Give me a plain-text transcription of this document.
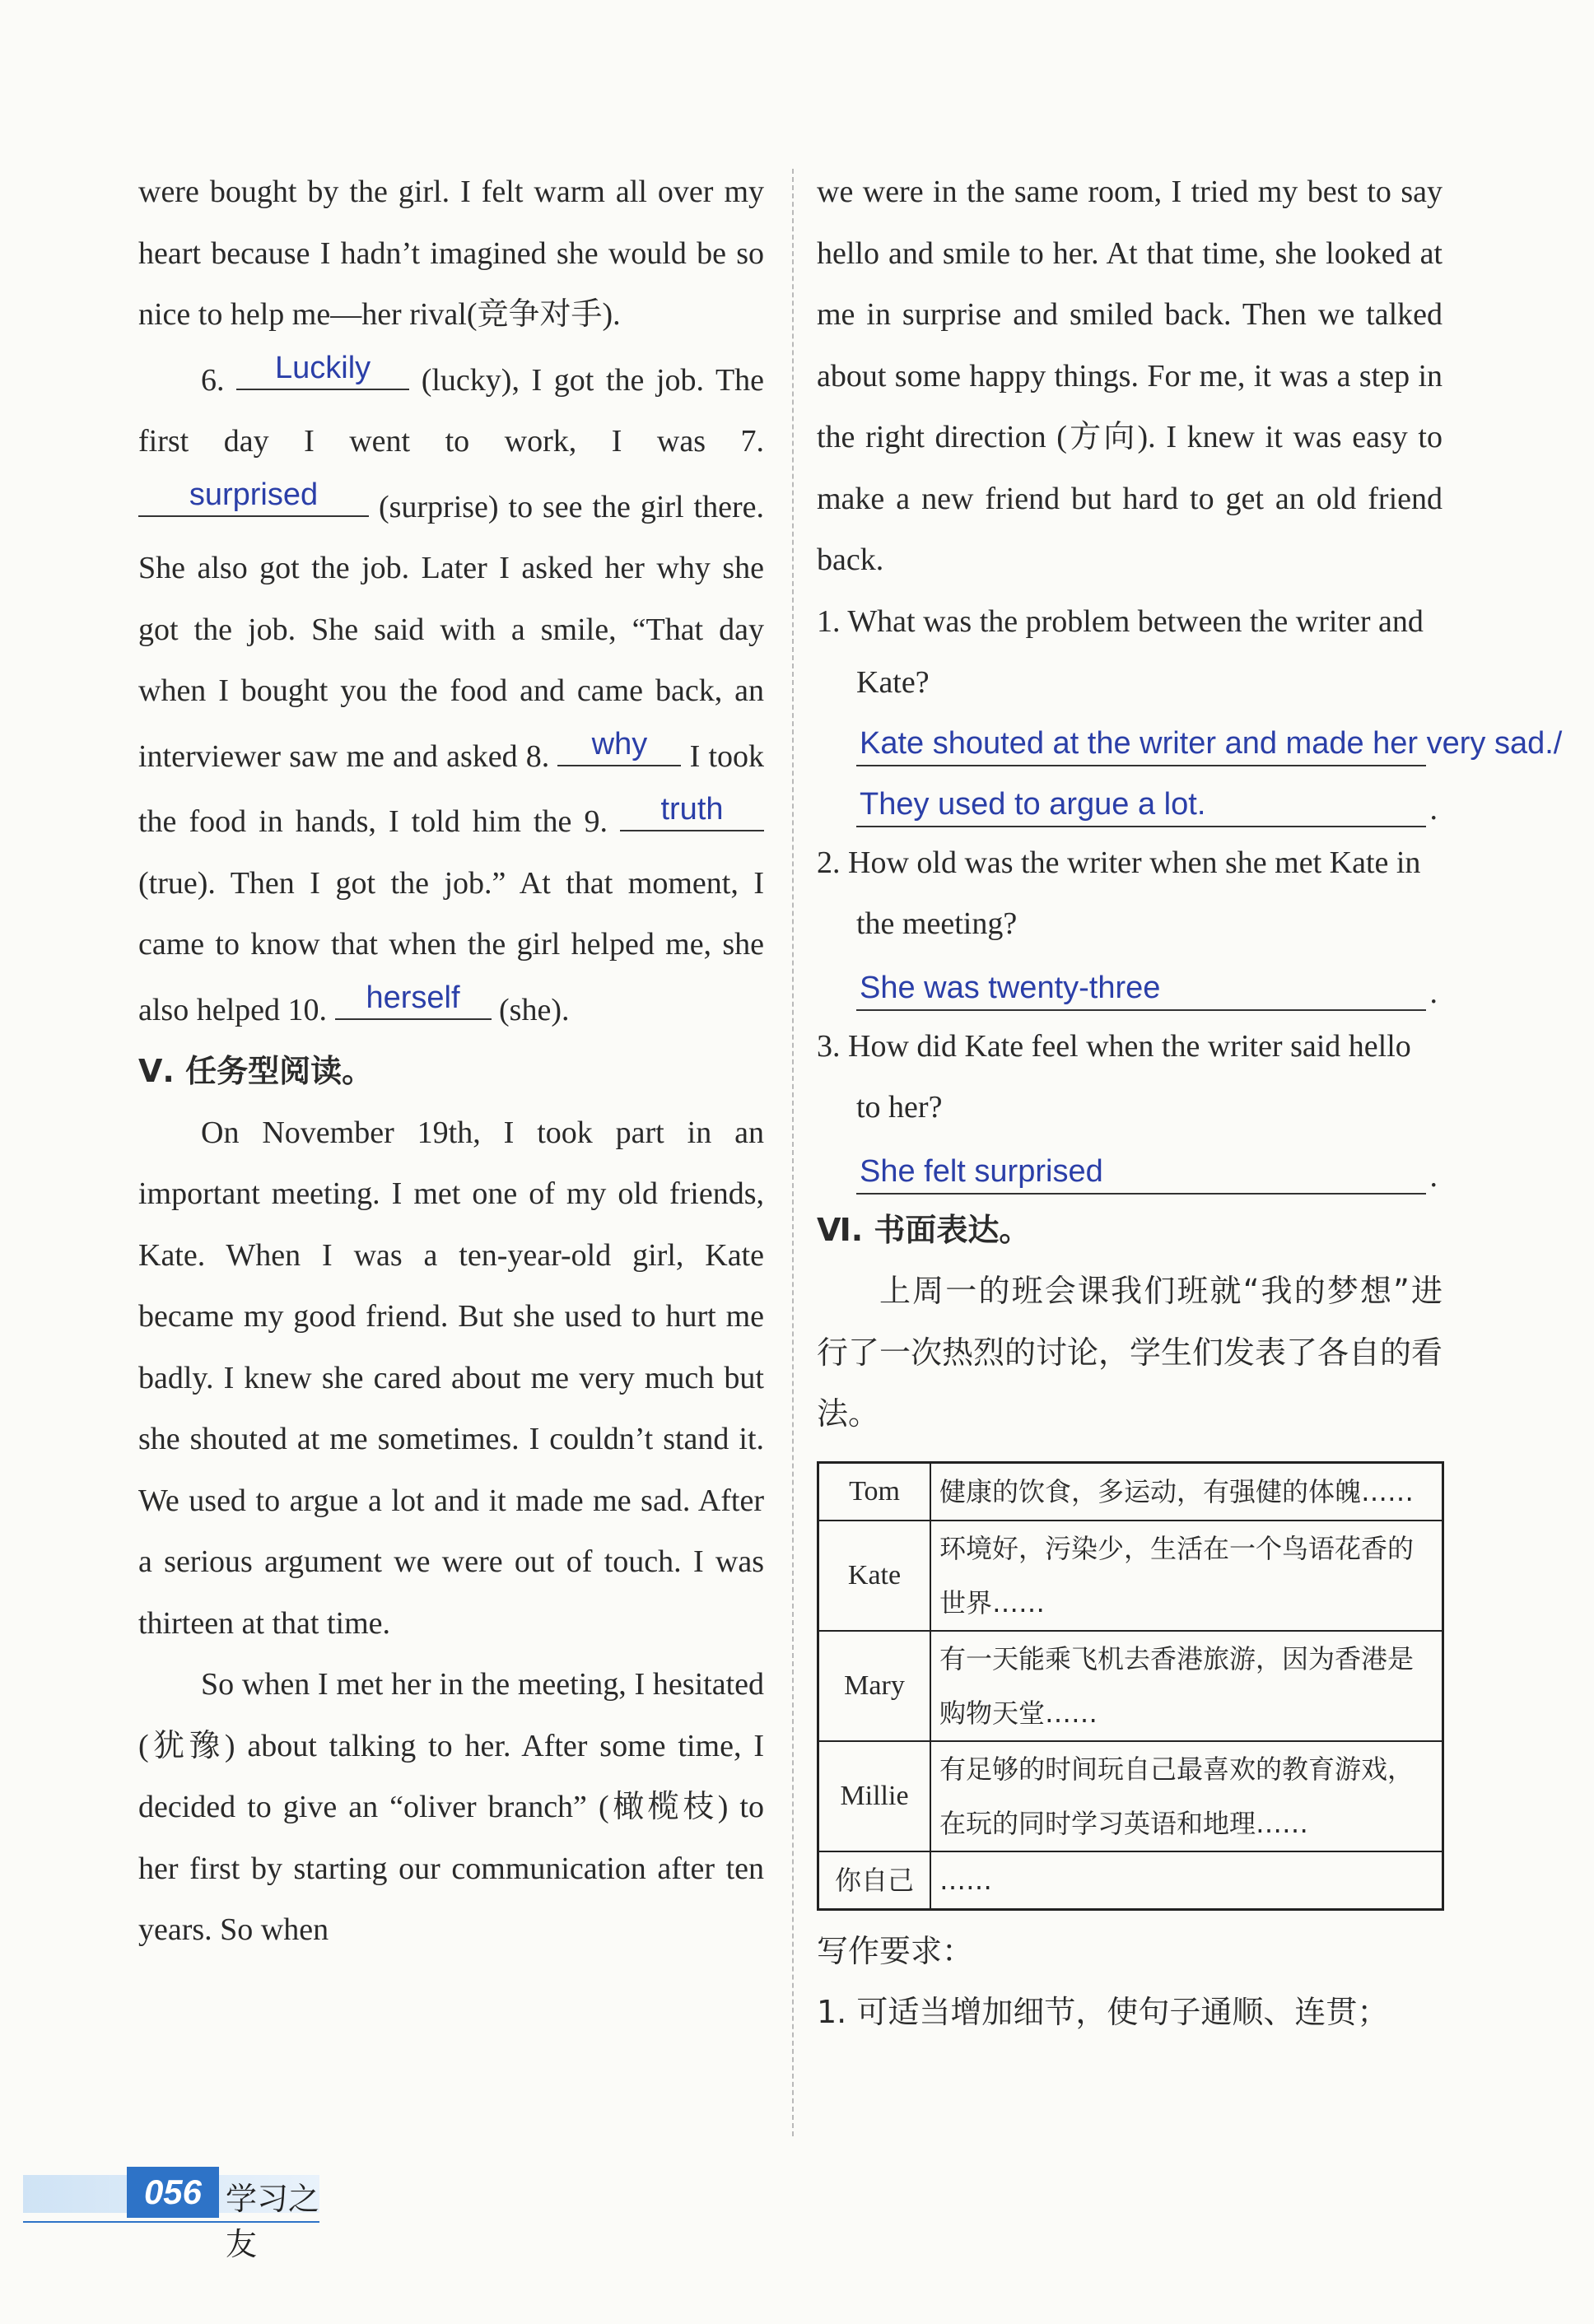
were bought by the girl. I felt warm all over my heart because I hadn’t imagined she would be so nice to help me—her rival(竞争对手).

6.	Luckily	(lucky), I got the job. The first day I went to work, I was 7.
surprised	(surprise) to see the girl there. She also got the job. Later I asked her why she got the job. She said with a smile, “That day when I bought you the food and came back, an interviewer saw me and asked 8.	why	I took the food in hands, I told him the 9.	truth
(true). Then I got the job.” At that moment, I came to know that when the girl helped me, she also helped 10.	herself	(she).

Ⅴ. 任务型阅读。

On November 19th, I took part in an important meeting. I met one of my old friends, Kate. When I was a ten-year-old girl, Kate became my good friend. But she used to hurt me badly. I knew she cared about me very much but she shouted at me sometimes. I couldn’t stand it. We used to argue a lot and it made me sad. After a serious argument we were out of touch. I was thirteen at that time.

So when I met her in the meeting, I hesitated (犹豫) about talking to her. After some time, I decided to give an “oliver branch” (橄榄枝) to her first by starting our communication after ten years. So when

we were in the same room, I tried my best to say hello and smile to her. At that time, she looked at me in surprise and smiled back. Then we talked about some happy things. For me, it was a step in the right direction (方向). I knew it was easy to make a new friend but hard to get an old friend back.

1. What was the problem between the writer and Kate?

Kate shouted at the writer and made her very sad./
They used to argue a lot.	.

2. How old was the writer when she met Kate in the meeting?

She was twenty-three	.

3. How did Kate feel when the writer said hello to her?

She felt surprised	.

Ⅵ. 书面表达。

上周一的班会课我们班就“我的梦想”进行了一次热烈的讨论，学生们发表了各自的看法。

Tom	健康的饮食，多运动，有强健的体魄……
Kate	环境好，污染少，生活在一个鸟语花香的世界……
Mary	有一天能乘飞机去香港旅游，因为香港是购物天堂……
Millie	有足够的时间玩自己最喜欢的教育游戏，在玩的同时学习英语和地理……
你自己	……

写作要求：

1. 可适当增加细节，使句子通顺、连贯；

056 学习之友
